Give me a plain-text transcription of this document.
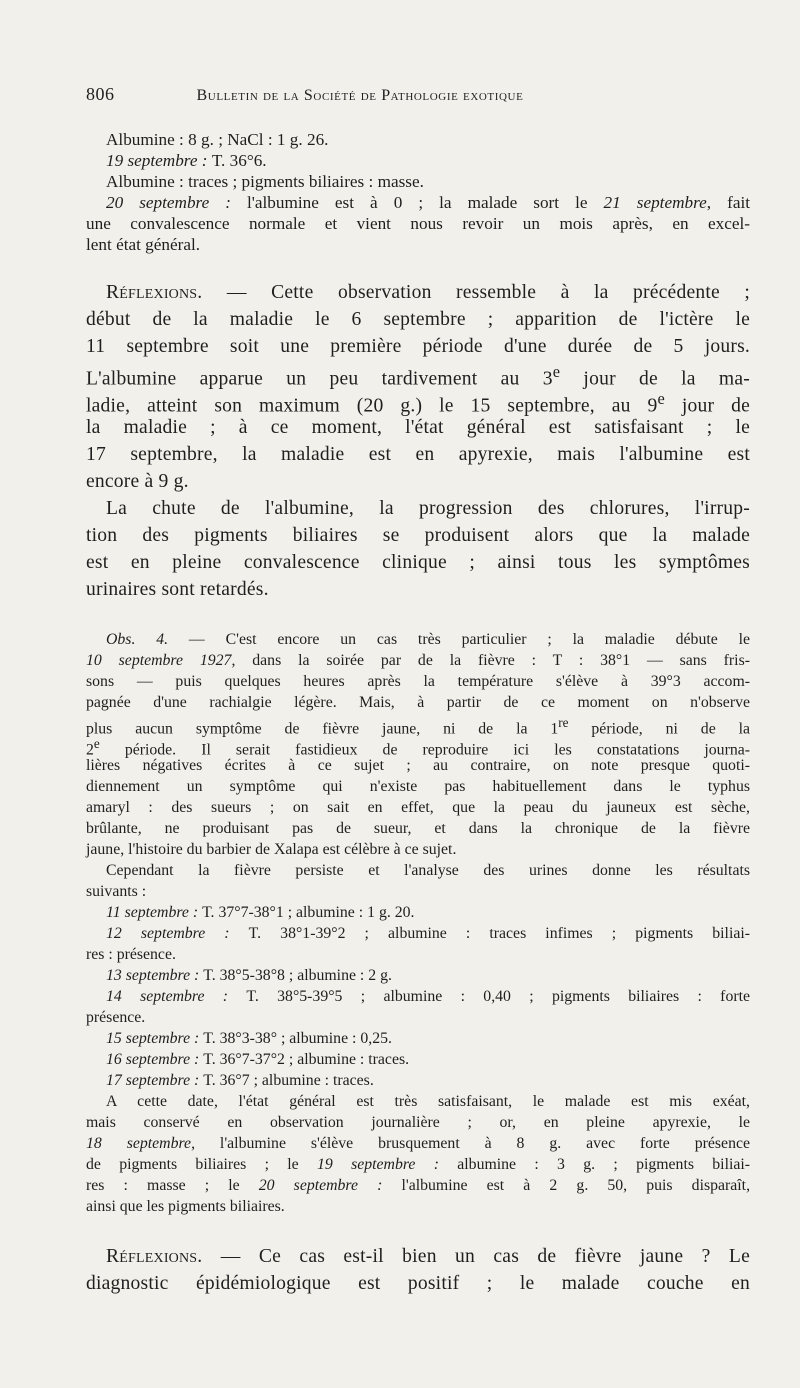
806	Bulletin de la Société de Pathologie exotique
Albumine : 8 g. ; NaCl : 1 g. 26.
19 septembre : T. 36°6.
Albumine : traces ; pigments biliaires : masse.
20 septembre : l'albumine est à 0 ; la malade sort le 21 septembre, fait
une convalescence normale et vient nous revoir un mois après, en excel-
lent état général.
Réflexions. — Cette observation ressemble à la précédente ;
début de la maladie le 6 septembre ; apparition de l'ictère le
11 septembre soit une première période d'une durée de 5 jours.
L'albumine apparue un peu tardivement au 3e jour de la ma-
ladie, atteint son maximum (20 g.) le 15 septembre, au 9e jour de
la maladie ; à ce moment, l'état général est satisfaisant ; le
17 septembre, la maladie est en apyrexie, mais l'albumine est
encore à 9 g.
La chute de l'albumine, la progression des chlorures, l'irrup-
tion des pigments biliaires se produisent alors que la malade
est en pleine convalescence clinique ; ainsi tous les symptômes
urinaires sont retardés.
Obs. 4. — C'est encore un cas très particulier ; la maladie débute le
10 septembre 1927, dans la soirée par de la fièvre : T : 38°1 — sans fris-
sons — puis quelques heures après la température s'élève à 39°3 accom-
pagnée d'une rachialgie légère. Mais, à partir de ce moment on n'observe
plus aucun symptôme de fièvre jaune, ni de la 1re période, ni de la
2e période. Il serait fastidieux de reproduire ici les constatations journa-
lières négatives écrites à ce sujet ; au contraire, on note presque quoti-
diennement un symptôme qui n'existe pas habituellement dans le typhus
amaryl : des sueurs ; on sait en effet, que la peau du jauneux est sèche,
brûlante, ne produisant pas de sueur, et dans la chronique de la fièvre
jaune, l'histoire du barbier de Xalapa est célèbre à ce sujet.
Cependant la fièvre persiste et l'analyse des urines donne les résultats
suivants :
11 septembre : T. 37°7-38°1 ; albumine : 1 g. 20.
12 septembre : T. 38°1-39°2 ; albumine : traces infimes ; pigments biliai-
res : présence.
13 septembre : T. 38°5-38°8 ; albumine : 2 g.
14 septembre : T. 38°5-39°5 ; albumine : 0,40 ; pigments biliaires : forte
présence.
15 septembre : T. 38°3-38° ; albumine : 0,25.
16 septembre : T. 36°7-37°2 ; albumine : traces.
17 septembre : T. 36°7 ; albumine : traces.
A cette date, l'état général est très satisfaisant, le malade est mis exéat,
mais conservé en observation journalière ; or, en pleine apyrexie, le
18 septembre, l'albumine s'élève brusquement à 8 g. avec forte présence
de pigments biliaires ; le 19 septembre : albumine : 3 g. ; pigments biliai-
res : masse ; le 20 septembre : l'albumine est à 2 g. 50, puis disparaît,
ainsi que les pigments biliaires.
Réflexions. — Ce cas est-il bien un cas de fièvre jaune ? Le
diagnostic épidémiologique est positif ; le malade couche en
